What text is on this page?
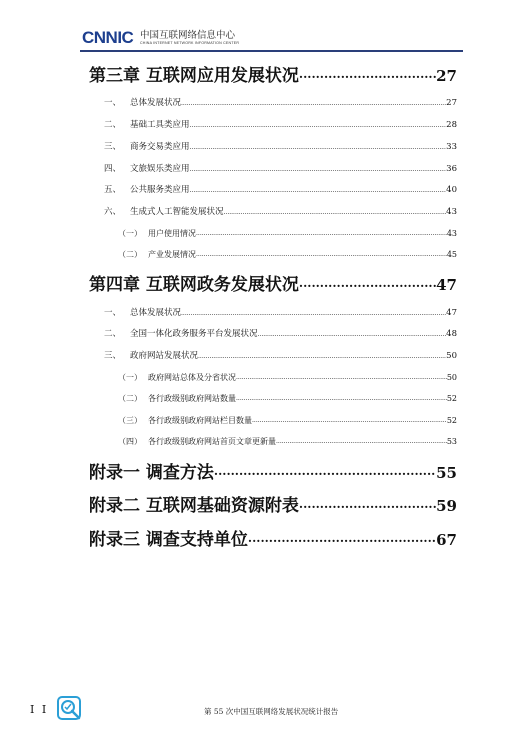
CNNIC 中国互联网络信息中心
CHINA INTERNET NETWORK INFORMATION CENTER
第三章 互联网应用发展状况 .....	27
一、 总体发展状况 .....	27
二、 基础工具类应用 .....	28
三、 商务交易类应用 .....	33
四、 文旅娱乐类应用 .....	36
五、 公共服务类应用 .....	40
六、 生成式人工智能发展状况 .....	43
（一） 用户使用情况 .....	43
（二） 产业发展情况 .....	45
第四章 互联网政务发展状况 .....	47
一、 总体发展状况 .....	47
二、 全国一体化政务服务平台发展状况 .....	48
三、 政府网站发展状况 .....	50
（一） 政府网站总体及分省状况 .....	50
（二） 各行政级别政府网站数量 .....	52
（三） 各行政级别政府网站栏目数量 .....	52
（四） 各行政级别政府网站首页文章更新量 .....	53
附录一 调查方法 .....	55
附录二 互联网基础资源附表 .....	59
附录三 调查支持单位 .....	67
I I	第 55 次中国互联网络发展状况统计报告
